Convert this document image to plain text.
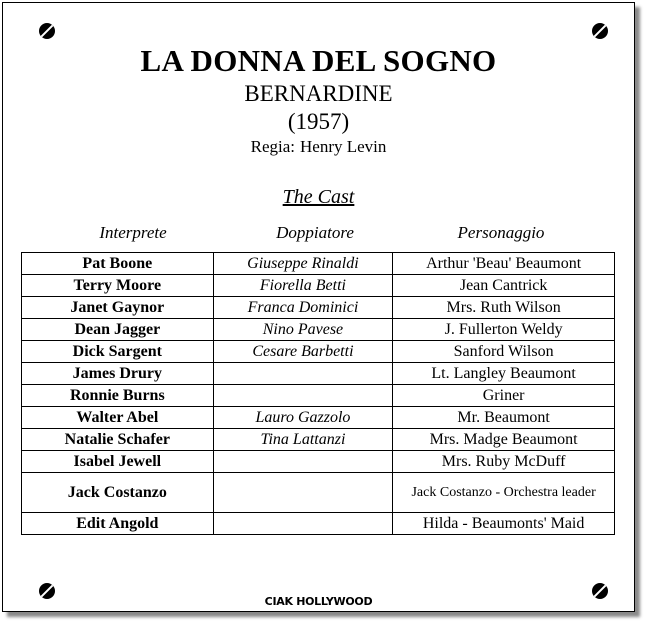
LA DONNA DEL SOGNO
BERNARDINE
(1957)
Regia: Henry Levin
The Cast
Interprete	Doppiatore	Personaggio
Pat Boone	Giuseppe Rinaldi	Arthur 'Beau' Beaumont
Terry Moore	Fiorella Betti	Jean Cantrick
Janet Gaynor	Franca Dominici	Mrs. Ruth Wilson
Dean Jagger	Nino Pavese	J. Fullerton Weldy
Dick Sargent	Cesare Barbetti	Sanford Wilson
James Drury		Lt. Langley Beaumont
Ronnie Burns		Griner
Walter Abel	Lauro Gazzolo	Mr. Beaumont
Natalie Schafer	Tina Lattanzi	Mrs. Madge Beaumont
Isabel Jewell		Mrs. Ruby McDuff
Jack Costanzo		Jack Costanzo - Orchestra leader
Edit Angold		Hilda - Beaumonts' Maid
CIAK HOLLYWOOD
